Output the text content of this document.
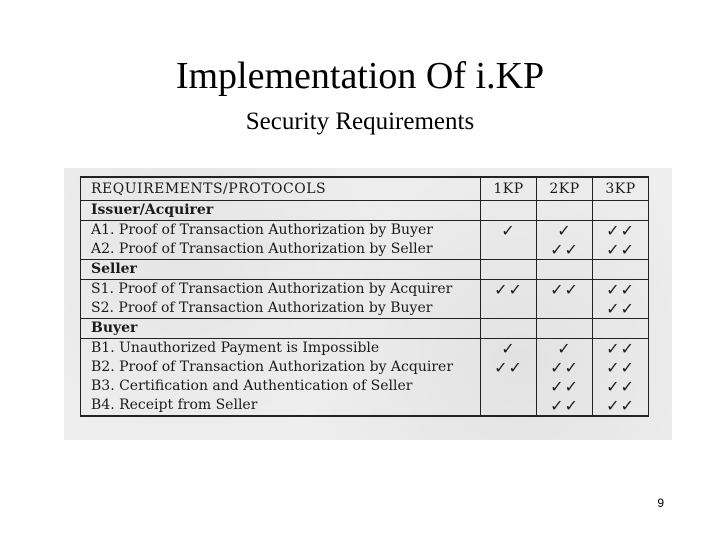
Implementation Of i.KP
Security Requirements
REQUIREMENTS/PROTOCOLS	1KP	2KP	3KP
Issuer/Acquirer			
A1. Proof of Transaction Authorization by Buyer	✓	✓	✓✓
A2. Proof of Transaction Authorization by Seller		✓✓	✓✓
Seller			
S1. Proof of Transaction Authorization by Acquirer	✓✓	✓✓	✓✓
S2. Proof of Transaction Authorization by Buyer			✓✓
Buyer			
B1. Unauthorized Payment is Impossible	✓	✓	✓✓
B2. Proof of Transaction Authorization by Acquirer	✓✓	✓✓	✓✓
B3. Certification and Authentication of Seller		✓✓	✓✓
B4. Receipt from Seller		✓✓	✓✓
9
